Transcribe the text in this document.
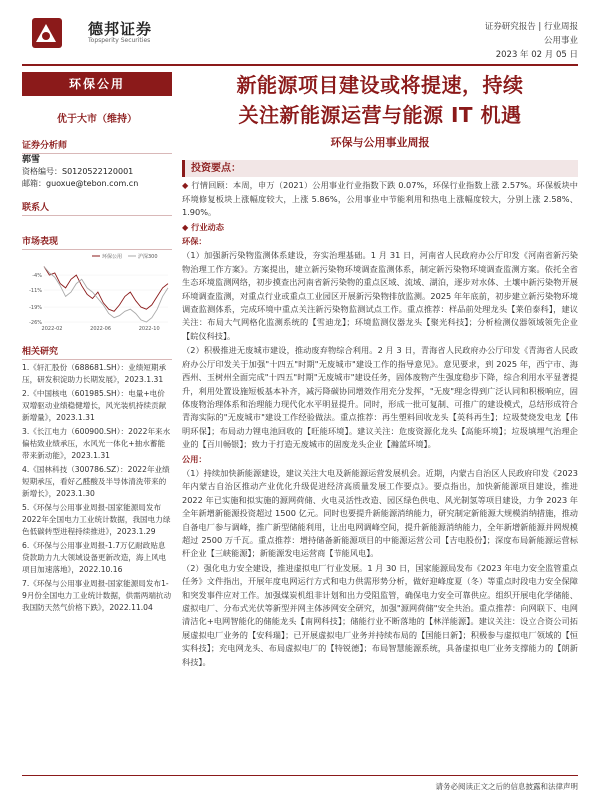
德邦证券
Topsperity Securities
证券研究报告 | 行业周报
公用事业
2023 年 02 月 05 日
环保公用
优于大市（维持）
新能源项目建设或将提速，持续
关注新能源运营与能源 IT 机遇
环保与公用事业周报
证券分析师
郭雪
资格编号：S0120522120001
邮箱：guoxue@tebon.com.cn
联系人
市场表现
-4%
-11%
-19%
-26%
2022-02	2022-06	2022-10
环保公用	沪深300
相关研究

1.《轩汇股份（688681.SH）：业绩短期承压，研发积淀助力长期发展》，2023.1.31

2.《中国核电（601985.SH）：电量+电价双增驱动业绩稳健增长，风光装机持续贡献新增量》，2023.1.31

3.《长江电力（600900.SH）：2022年来水偏枯致业绩承压，水风光一体化+抽水蓄能带来新动能》，2023.1.31

4.《国林科技（300786.SZ）：2022年业绩短期承压，看好乙醛酸及半导体清洗带来的新增长》，2023.1.30

5.《环保与公用事业周报-国家能源局发布2022年全国电力工业统计数据，我国电力绿色低碳转型进程持续推进》，2023.1.29

6.《环保与公用事业周报-1.7万亿耐政贴息贷款助力九大领域设备更新改造，海上风电项目加速落地》，2022.10.16

7.《环保与公用事业周报-国家能源局发布1-9月份全国电力工业统计数据，供需两端抗动我国防天然气价格下跌》，2022.11.04

投资要点：

◆ 行情回顾：本周，申万（2021）公用事业行业指数下跌 0.07%，环保行业指数上涨 2.57%。环保板块中环境修复板块上涨幅度较大，上涨 5.86%，公用事业中节能利用和热电上涨幅度较大，分别上涨 2.58%、1.90%。

◆ 行业动态

环保：

（1）加强新污染物监测体系建设，夯实治理基础。1 月 31 日，河南省人民政府办公厅印发《河南省新污染物治理工作方案》。方案提出，建立新污染物环境调查监测体系，制定新污染物环境调查监测方案。依托全省生态环境监测网络，初步摸查出河南省新污染物的重点区域、流域、湖泊，逐步对水体、土壤中新污染物开展环境调查监测，对重点行业或重点工业园区开展新污染物排放监测。2025 年年底前，初步建立新污染物环境调查监测体系，完成环境中重点关注新污染物监测试点工作。重点推荐：样品前处理龙头【莱伯泰科】，建议关注：布局大气网格化监测系统的【雪迪龙】；环境监测仪器龙头【聚光科技】；分析检测仪器领域领先企业【皖仪科技】。

（2）积极推进无废城市建设，推动废弃物综合利用。2 月 3 日，青海省人民政府办公厅印发《青海省人民政府办公厅印发关于加强"十四五"时期"无废城市"建设工作的指导意见》。意见要求，到 2025 年，西宁市、海西州、玉树州全面完成"十四五"时期"无废城市"建设任务，固体废物产生强度稳步下降，综合利用水平显著提升，利用处置设施短板基本补齐，减污降碳协同增效作用充分发挥，"无废"理念得到广泛认同和积极响应，固体废物治理体系和治理能力现代化水平明显提升。同时，形成一批可复制、可推广的建设模式，总结形成符合青海实际的"无废城市"建设工作经验做法。重点推荐：再生塑料回收龙头【英科再生】；垃圾焚烧发电龙【伟明环保】；布局动力锂电池回收的【旺能环境】。建议关注：危废资源化龙头【高能环境】；垃圾填埋气治理企业的【百川畅银】；致力于打造无废城市的固废龙头企业【瀚蓝环境】。

公用：

（1）持续加快新能源建设，建议关注大电及新能源运营发展机会。近期，内蒙古自治区人民政府印发《2023 年内蒙古自治区推动产业优化升级促进经济高质量发展工作要点》。要点指出，加快新能源项目建设，推进 2022 年已实施和拟实施的源网荷储、火电灵活性改造、园区绿色供电、风光制氢等项目建设，力争 2023 年全年新增新能源投资超过 1500 亿元。同时也要提升新能源消纳能力，研究制定新能源大规模消纳措施，推动自备电厂参与调峰，推广新型储能利用，让出电网调峰空间，提升新能源消纳能力，全年新增新能源并网规模超过 2500 万千瓦。重点推荐：增持储备新能源项目的中能源运营公司【吉电股份】；深度布局新能源运营标杆企业【三峡能源】；新能源发电运营商【节能风电】。

（2）强化电力安全建设，推进虚拟电厂行业发展。1 月 30 日，国家能源局发布《2023 年电力安全监管重点任务》文件指出，开展年度电网运行方式和电力供需形势分析，做好迎峰度夏（冬）等重点时段电力安全保障和突发事件应对工作。加强煤炭机组非计划和出力受阻监管，确保电力安全可靠供应。组织开展电化学储能、虚拟电厂、分布式光伏等新型并网主体涉网安全研究，加强"源网荷储"安全共治。重点推荐：向网联下、电网清洁化+电网智能化的储能龙头【南网科技】；储能行业不断落地的【林洋能源】。建议关注：设立合资公司拓展虚拟电厂业务的【安科瑞】；已开展虚拟电厂业务并持续布局的【国能日新】；积极参与虚拟电厂领域的【恒实科技】；充电网龙头、布局虚拟电厂的【特锐德】；布局智慧能源系统，具备虚拟电厂业务支撑能力的【朗新科技】。

请务必阅读正文之后的信息披露和法律声明
